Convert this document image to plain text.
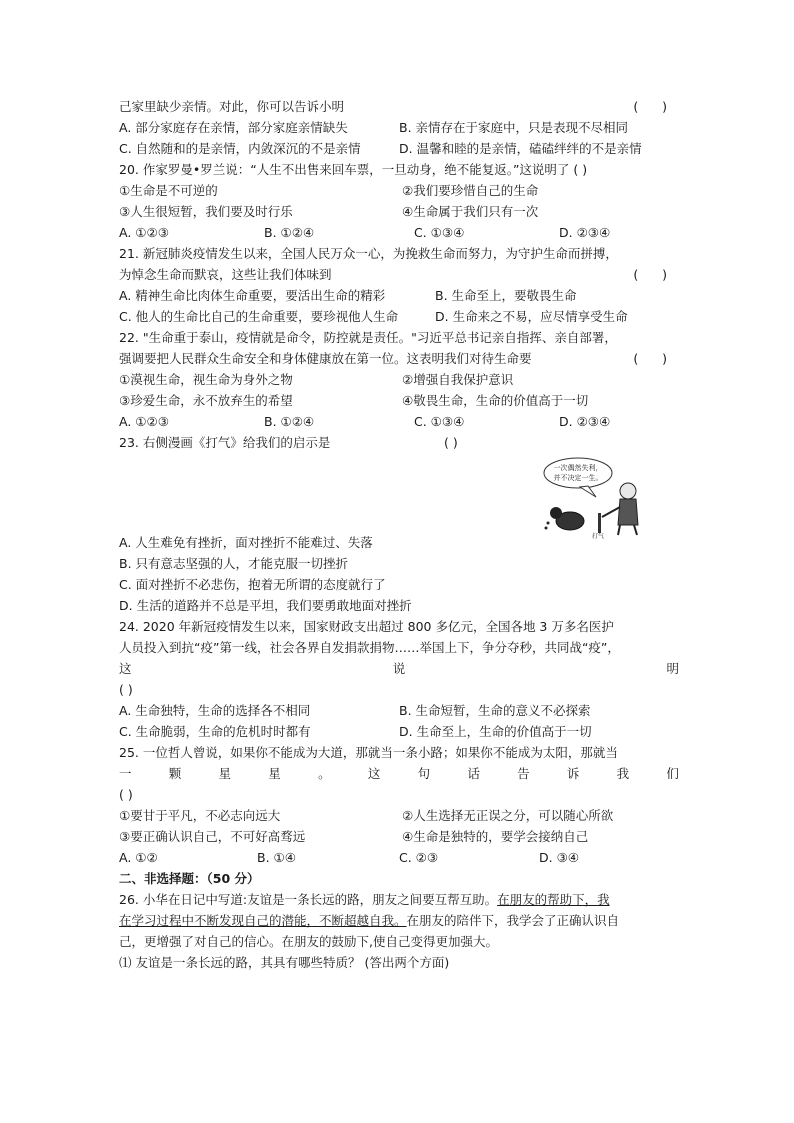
己家里缺少亲情。对此，你可以告诉小明	(      )
A. 部分家庭存在亲情，部分家庭亲情缺失	B. 亲情存在于家庭中，只是表现不尽相同
C. 自然随和的是亲情，内敛深沉的不是亲情	D. 温馨和睦的是亲情，磕磕绊绊的不是亲情
20. 作家罗曼•罗兰说：“人生不出售来回车票，一旦动身，绝不能复返。”这说明了 ( )
①生命是不可逆的	②我们要珍惜自己的生命
③人生很短暂，我们要及时行乐	④生命属于我们只有一次
A. ①②③	B. ①②④	C. ①③④	D. ②③④
21. 新冠肺炎疫情发生以来，全国人民万众一心，为挽救生命而努力，为守护生命而拼搏，
为悼念生命而默哀，这些让我们体味到	(      )
A. 精神生命比肉体生命重要，要活出生命的精彩	B. 生命至上，要敬畏生命
C. 他人的生命比自己的生命重要，要珍视他人生命	D. 生命来之不易，应尽情享受生命
22. "生命重于泰山，疫情就是命令，防控就是责任。"习近平总书记亲自指挥、亲自部署，
强调要把人民群众生命安全和身体健康放在第一位。这表明我们对待生命要	(      )
①漠视生命，视生命为身外之物	②增强自我保护意识
③珍爱生命，永不放弃生的希望	④敬畏生命，生命的价值高于一切
A. ①②③	B. ①②④	C. ①③④	D. ②③④
23. 右侧漫画《打气》给我们的启示是	( )
一次偶然失利，
并不决定一生。
打气
A. 人生难免有挫折，面对挫折不能难过、失落
B. 只有意志坚强的人，才能克服一切挫折
C. 面对挫折不必悲伤，抱着无所谓的态度就行了
D. 生活的道路并不总是平坦，我们要勇敢地面对挫折
24. 2020 年新冠疫情发生以来，国家财政支出超过 800 多亿元，全国各地 3 万多名医护
人员投入到抗“疫”第一线，社会各界自发捐款捐物……举国上下，争分夺秒，共同战“疫”，
这	说	明
( )
A. 生命独特，生命的选择各不相同	B. 生命短暂，生命的意义不必探索
C. 生命脆弱，生命的危机时时都有	D. 生命至上，生命的价值高于一切
25. 一位哲人曾说，如果你不能成为大道，那就当一条小路；如果你不能成为太阳，那就当
一	颗	星	星	。	这	句	话	告	诉	我	们
( )
①要甘于平凡，不必志向远大	②人生选择无正误之分，可以随心所欲
③要正确认识自己，不可好高骛远	④生命是独特的，要学会接纳自己
A. ①②	B. ①④	C. ②③	D. ③④
二、非选择题：（50 分）
26. 小华在日记中写道:友谊是一条长远的路，朋友之间要互帮互助。在朋友的帮助下，我
在学习过程中不断发现自己的潜能，不断超越自我。在朋友的陪伴下，我学会了正确认识自
己，更增强了对自己的信心。在朋友的鼓励下,使自己变得更加强大。
⑴ 友谊是一条长远的路，其具有哪些特质？ (答出两个方面)
